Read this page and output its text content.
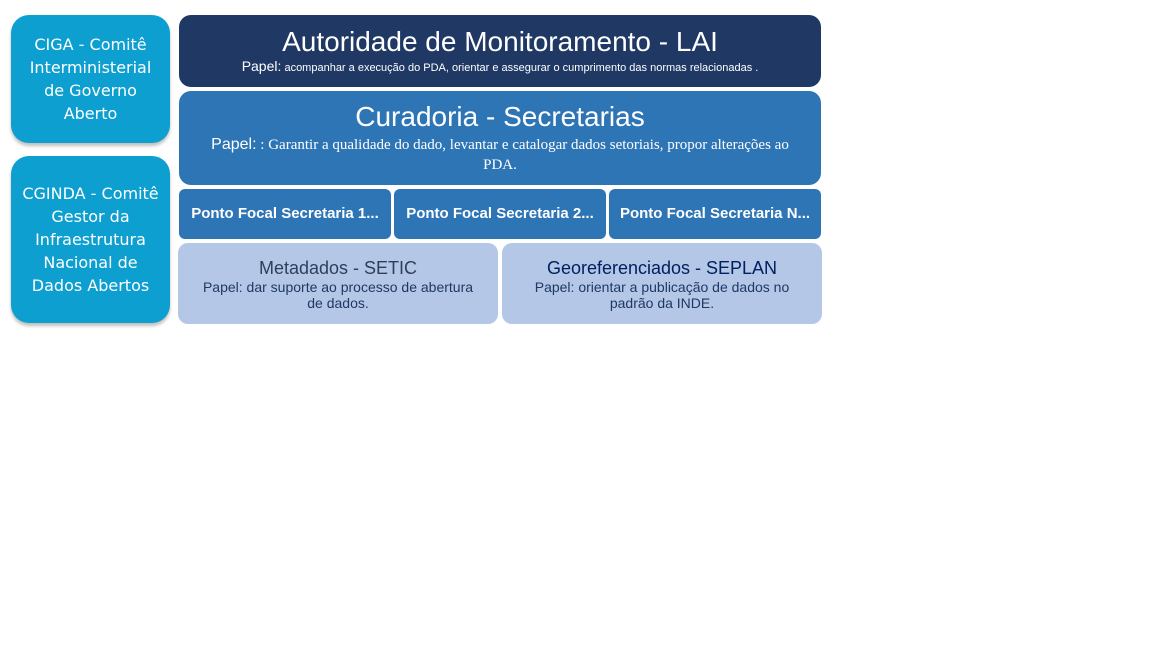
CIGA - Comitê Interministerial de Governo Aberto
CGINDA - Comitê Gestor da Infraestrutura Nacional de Dados Abertos
Autoridade de Monitoramento - LAI
Papel: acompanhar a execução do PDA, orientar e assegurar o cumprimento das normas relacionadas .
Curadoria - Secretarias
Papel: : Garantir a qualidade do dado, levantar e catalogar dados setoriais, propor alterações ao PDA.
Ponto Focal Secretaria 1... Ponto Focal Secretaria 2... Ponto Focal Secretaria N...
Metadados - SETIC
Papel: dar suporte ao processo de abertura de dados.
Georeferenciados - SEPLAN
Papel: orientar a publicação de dados no padrão da INDE.
